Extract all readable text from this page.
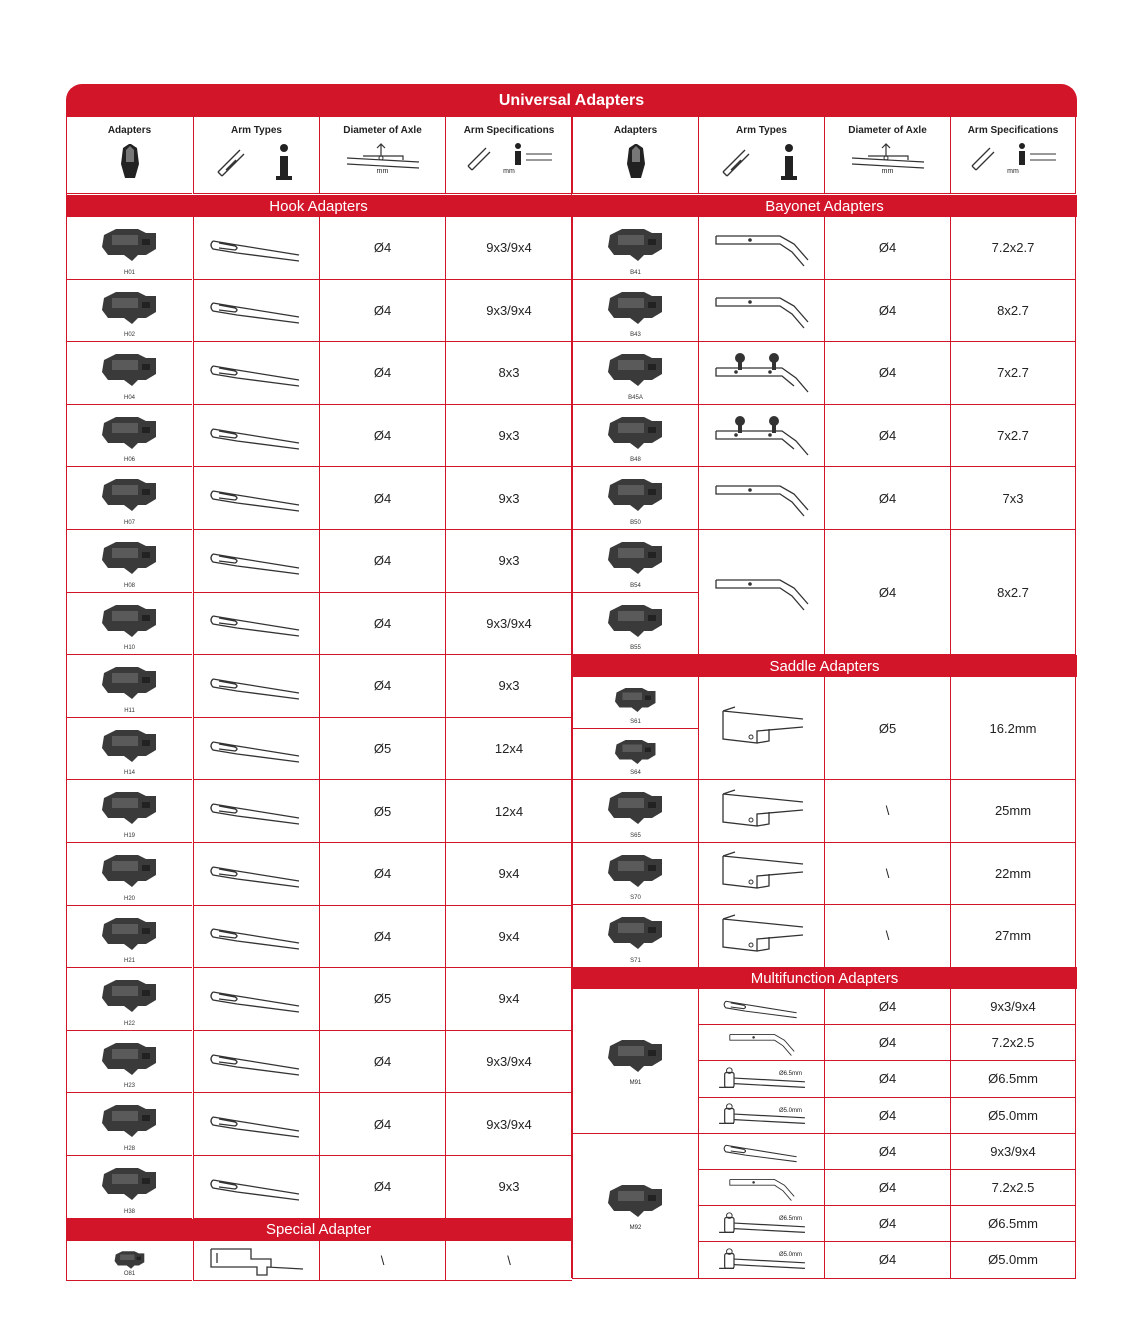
Universal Adapters
Adapters	Arm Types	Diameter of Axle
mm
Arm Specifications
mm
Adapters	Arm Types	Diameter of Axle
mm
Arm Specifications
mm
Hook Adapters
H01
Ø4	9x3/9x4
H02
Ø4	9x3/9x4
H04
Ø4	8x3
H06
Ø4	9x3
H07
Ø4	9x3
H08
Ø4	9x3
H10
Ø4	9x3/9x4
H11
Ø4	9x3
H14
Ø5	12x4
H19
Ø5	12x4
H20
Ø4	9x4
H21
Ø4	9x4
H22
Ø5	9x4
H23
Ø4	9x3/9x4
H28
Ø4	9x3/9x4
H38
Ø4	9x3
Special Adapter
O81
\	\
Bayonet Adapters
B41
Ø4	7.2x2.7
B43
Ø4	8x2.7
B45A
Ø4	7x2.7
B48
Ø4	7x2.7
B50
Ø4	7x3
B54
B55
Ø4	8x2.7
Saddle Adapters
S61
S64
Ø5	16.2mm
S65
\	25mm
S70
\	22mm
S71
\	27mm
Multifunction Adapters
M91
Ø4	9x3/9x4
Ø4	7.2x2.5
Ø6.5mm	Ø4	Ø6.5mm
Ø5.0mm	Ø4	Ø5.0mm
M92
Ø4	9x3/9x4
Ø4	7.2x2.5
Ø6.5mm	Ø4	Ø6.5mm
Ø5.0mm	Ø4	Ø5.0mm
